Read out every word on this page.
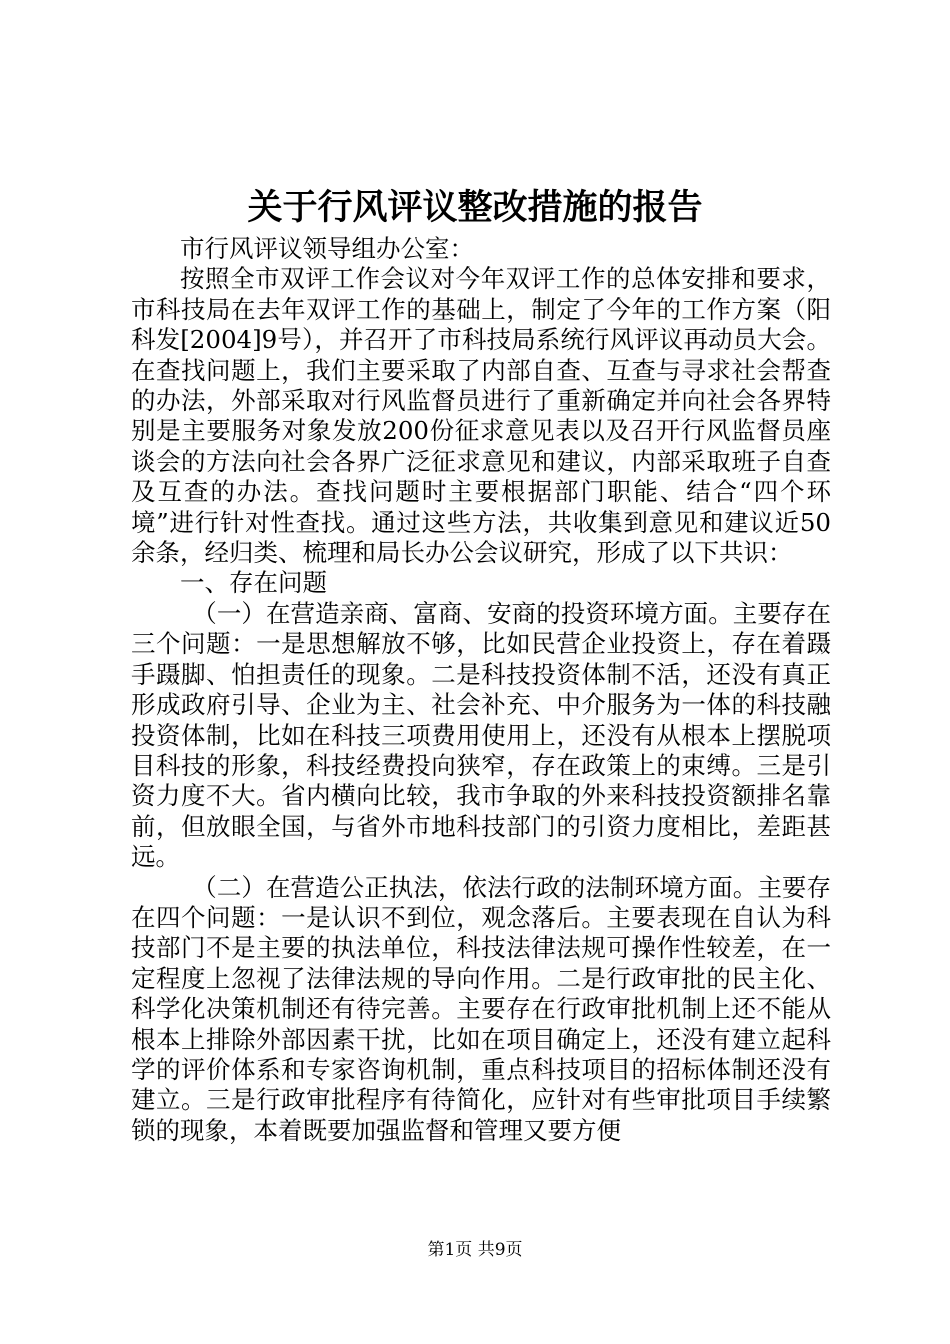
关于行风评议整改措施的报告

市行风评议领导组办公室：

按照全市双评工作会议对今年双评工作的总体安排和要求，市科技局在去年双评工作的基础上，制定了今年的工作方案（阳科发[2004]9号），并召开了市科技局系统行风评议再动员大会。在查找问题上，我们主要采取了内部自查、互查与寻求社会帮查的办法，外部采取对行风监督员进行了重新确定并向社会各界特别是主要服务对象发放200份征求意见表以及召开行风监督员座谈会的方法向社会各界广泛征求意见和建议，内部采取班子自查及互查的办法。查找问题时主要根据部门职能、结合“四个环境”进行针对性查找。通过这些方法，共收集到意见和建议近50余条，经归类、梳理和局长办公会议研究，形成了以下共识：

一、存在问题

（一）在营造亲商、富商、安商的投资环境方面。主要存在三个问题：一是思想解放不够，比如民营企业投资上，存在着蹑手蹑脚、怕担责任的现象。二是科技投资体制不活，还没有真正形成政府引导、企业为主、社会补充、中介服务为一体的科技融投资体制，比如在科技三项费用使用上，还没有从根本上摆脱项目科技的形象，科技经费投向狭窄，存在政策上的束缚。三是引资力度不大。省内横向比较，我市争取的外来科技投资额排名靠前，但放眼全国，与省外市地科技部门的引资力度相比，差距甚远。

（二）在营造公正执法，依法行政的法制环境方面。主要存在四个问题：一是认识不到位，观念落后。主要表现在自认为科技部门不是主要的执法单位，科技法律法规可操作性较差，在一定程度上忽视了法律法规的导向作用。二是行政审批的民主化、科学化决策机制还有待完善。主要存在行政审批机制上还不能从根本上排除外部因素干扰，比如在项目确定上，还没有建立起科学的评价体系和专家咨询机制，重点科技项目的招标体制还没有建立。三是行政审批程序有待简化，应针对有些审批项目手续繁锁的现象，本着既要加强监督和管理又要方便

第1页 共9页
